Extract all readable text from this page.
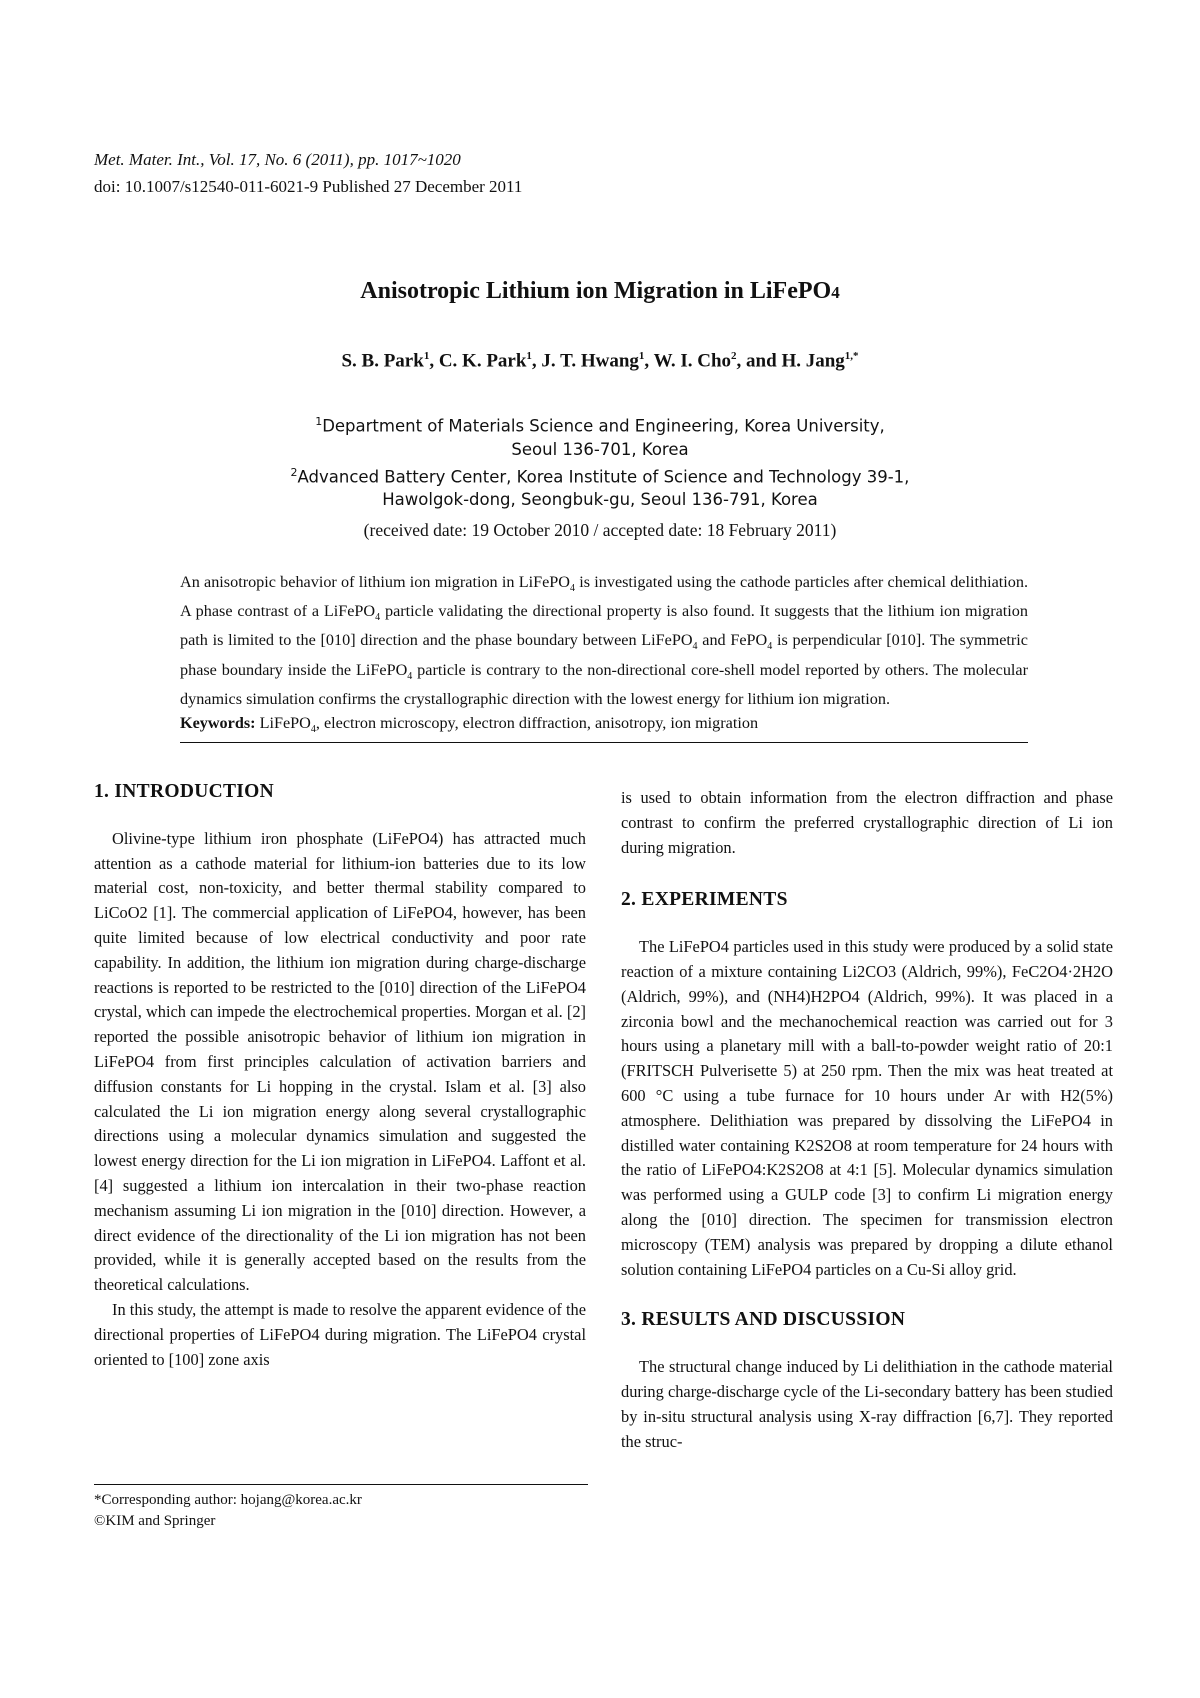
Met. Mater. Int., Vol. 17, No. 6 (2011), pp. 1017~1020
doi: 10.1007/s12540-011-6021-9 Published 27 December 2011
Anisotropic Lithium ion Migration in LiFePO4
S. B. Park$^1$, C. K. Park$^1$, J. T. Hwang$^1$, W. I. Cho$^2$, and H. Jang$^{1,*}$
$^1$Department of Materials Science and Engineering, Korea University,
Seoul 136-701, Korea
$^2$Advanced Battery Center, Korea Institute of Science and Technology 39-1,
Hawolgok-dong, Seongbuk-gu, Seoul 136-791, Korea
(received date: 19 October 2010 / accepted date: 18 February 2011)
An anisotropic behavior of lithium ion migration in LiFePO$_4$ is investigated using the cathode particles after chemical delithiation. A phase contrast of a LiFePO$_4$ particle validating the directional property is also found. It suggests that the lithium ion migration path is limited to the [010] direction and the phase boundary between LiFePO$_4$ and FePO$_4$ is perpendicular [010]. The symmetric phase boundary inside the LiFePO$_4$ particle is contrary to the non-directional core-shell model reported by others. The molecular dynamics simulation confirms the crystallographic direction with the lowest energy for lithium ion migration.
Keywords: LiFePO$_4$, electron microscopy, electron diffraction, anisotropy, ion migration
1. INTRODUCTION

Olivine-type lithium iron phosphate (LiFePO4) has attracted much attention as a cathode material for lithium-ion batteries due to its low material cost, non-toxicity, and better thermal stability compared to LiCoO2 [1]. The commercial application of LiFePO4, however, has been quite limited because of low electrical conductivity and poor rate capability. In addition, the lithium ion migration during charge-discharge reactions is reported to be restricted to the [010] direction of the LiFePO4 crystal, which can impede the electrochemical properties. Morgan et al. [2] reported the possible anisotropic behavior of lithium ion migration in LiFePO4 from first principles calculation of activation barriers and diffusion constants for Li hopping in the crystal. Islam et al. [3] also calculated the Li ion migration energy along several crystallographic directions using a molecular dynamics simulation and suggested the lowest energy direction for the Li ion migration in LiFePO4. Laffont et al. [4] suggested a lithium ion intercalation in their two-phase reaction mechanism assuming Li ion migration in the [010] direction. However, a direct evidence of the directionality of the Li ion migration has not been provided, while it is generally accepted based on the results from the theoretical calculations.

In this study, the attempt is made to resolve the apparent evidence of the directional properties of LiFePO4 during migration. The LiFePO4 crystal oriented to [100] zone axis

is used to obtain information from the electron diffraction and phase contrast to confirm the preferred crystallographic direction of Li ion during migration.

2. EXPERIMENTS

The LiFePO4 particles used in this study were produced by a solid state reaction of a mixture containing Li2CO3 (Aldrich, 99%), FeC2O4·2H2O (Aldrich, 99%), and (NH4)H2PO4 (Aldrich, 99%). It was placed in a zirconia bowl and the mechanochemical reaction was carried out for 3 hours using a planetary mill with a ball-to-powder weight ratio of 20:1 (FRITSCH Pulverisette 5) at 250 rpm. Then the mix was heat treated at 600 °C using a tube furnace for 10 hours under Ar with H2(5%) atmosphere. Delithiation was prepared by dissolving the LiFePO4 in distilled water containing K2S2O8 at room temperature for 24 hours with the ratio of LiFePO4:K2S2O8 at 4:1 [5]. Molecular dynamics simulation was performed using a GULP code [3] to confirm Li migration energy along the [010] direction. The specimen for transmission electron microscopy (TEM) analysis was prepared by dropping a dilute ethanol solution containing LiFePO4 particles on a Cu-Si alloy grid.

3. RESULTS AND DISCUSSION

The structural change induced by Li delithiation in the cathode material during charge-discharge cycle of the Li-secondary battery has been studied by in-situ structural analysis using X-ray diffraction [6,7]. They reported the struc-

*Corresponding author: hojang@korea.ac.kr
©KIM and Springer
